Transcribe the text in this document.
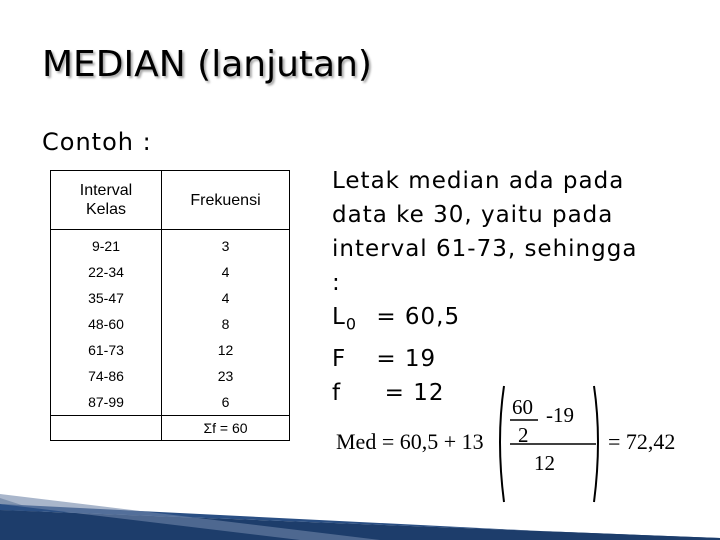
MEDIAN (lanjutan)
Contoh :
Interval
Kelas	Frekuensi
9-21	3
22-34	4
35-47	4
48-60	8
61-73	12
74-86	23
87-99	6
	Σf = 60
Letak median ada pada
data ke 30, yaitu pada
interval 61-73, sehingga
:
$L_0 = 60,5$
F = 19
f = 12
Med = 60,5 + 13
60
2
-19
12
= 72,42
